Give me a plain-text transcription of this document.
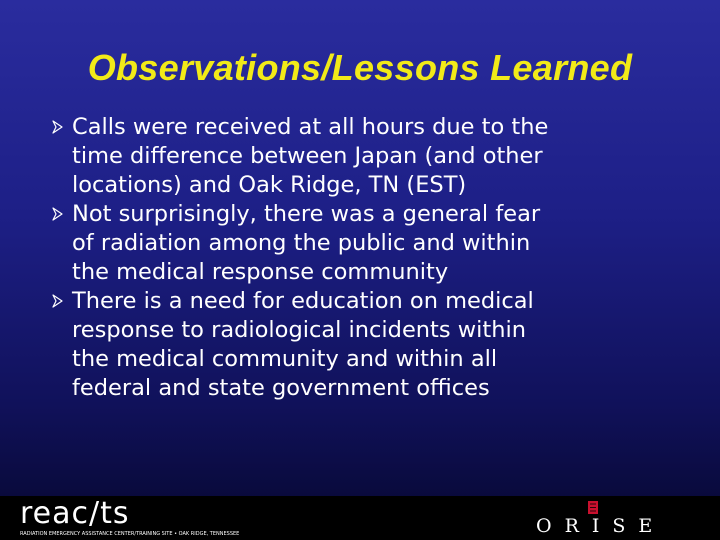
Observations/Lessons Learned
Calls were received at all hours due to the
time difference between Japan (and other
locations) and Oak Ridge, TN (EST)
Not surprisingly, there was a general fear
of radiation among the public and within
the medical response community
There is a need for education on medical
response to radiological incidents within
the medical community and within all
federal and state government offices
reac/ts
RADIATION EMERGENCY ASSISTANCE CENTER/TRAINING SITE • OAK RIDGE, TENNESSEE	ORISE
